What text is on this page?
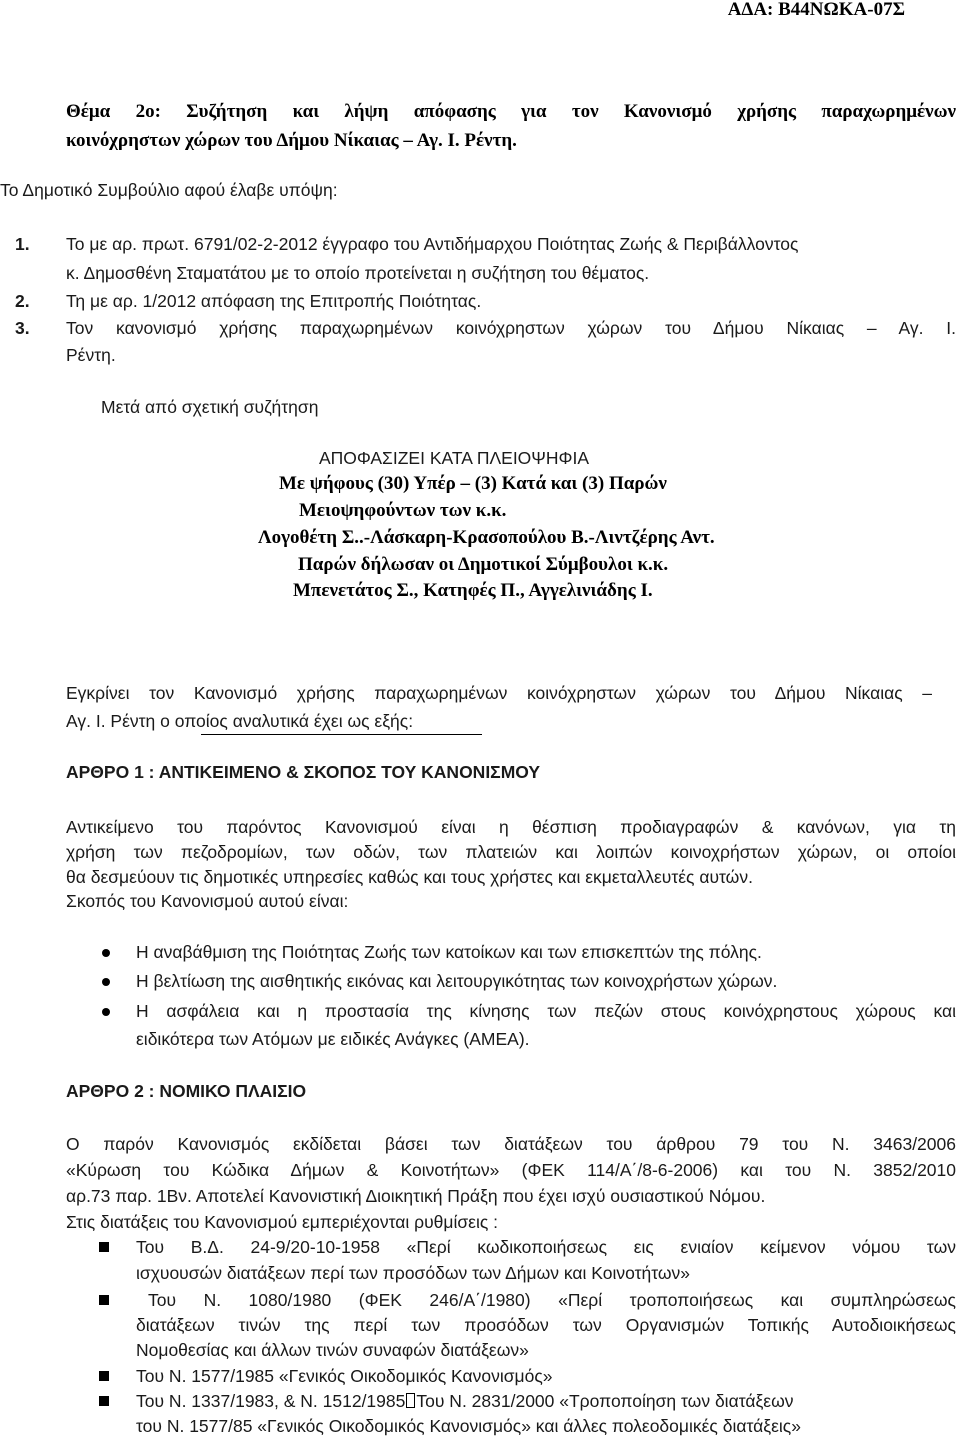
ΑΔΑ: Β44ΝΩΚΑ-07Σ
Θέμα 2ο: Συζήτηση και λήψη απόφασης για τον Κανονισμό χρήσης παραχωρημένων
κοινόχρηστων χώρων του Δήμου Νίκαιας – Αγ. Ι. Ρέντη.
Το Δημοτικό Συμβούλιο αφού έλαβε υπόψη:
1. Το με αρ. πρωτ. 6791/02-2-2012 έγγραφο του Αντιδήμαρχου Ποιότητας Ζωής & Περιβάλλοντος
κ. Δημοσθένη Σταματάτου με το οποίο προτείνεται η συζήτηση του θέματος.
2. Τη με αρ. 1/2012 απόφαση της Επιτροπής Ποιότητας.
3. Τον κανονισμό χρήσης παραχωρημένων κοινόχρηστων χώρων του Δήμου Νίκαιας – Αγ. Ι.
Ρέντη.
Μετά από σχετική συζήτηση
ΑΠΟΦΑΣΙΖΕΙ ΚΑΤΑ ΠΛΕΙΟΨΗΦΙΑ
Με ψήφους (30) Υπέρ – (3) Κατά και (3) Παρών
Μειοψηφούντων των κ.κ.
Λογοθέτη Σ..-Λάσκαρη-Κρασοπούλου Β.-Λιντζέρης Αντ.
Παρών δήλωσαν οι Δημοτικοί Σύμβουλοι κ.κ.
Μπενετάτος Σ., Κατηφές Π., Αγγελινιάδης Ι.
Εγκρίνει τον Κανονισμό χρήσης παραχωρημένων κοινόχρηστων χώρων του Δήμου Νίκαιας –
Αγ. Ι. Ρέντη ο οποίος αναλυτικά έχει ως εξής:
ΑΡΘΡΟ 1 : ΑΝΤΙΚΕΙΜΕΝΟ & ΣΚΟΠΟΣ ΤΟΥ ΚΑΝΟΝΙΣΜΟΥ
Αντικείμενο του παρόντος Κανονισμού είναι η θέσπιση προδιαγραφών & κανόνων, για τη
χρήση των πεζοδρομίων, των οδών, των πλατειών και λοιπών κοινοχρήστων χώρων, οι οποίοι
θα δεσμεύουν τις δημοτικές υπηρεσίες καθώς και τους χρήστες και εκμεταλλευτές αυτών.
Σκοπός του Κανονισμού αυτού είναι:
Η αναβάθμιση της Ποιότητας Ζωής των κατοίκων και των επισκεπτών της πόλης.
Η βελτίωση της αισθητικής εικόνας και λειτουργικότητας των κοινοχρήστων χώρων.
Η ασφάλεια και η προστασία της κίνησης των πεζών στους κοινόχρηστους χώρους και
ειδικότερα των Ατόμων με ειδικές Ανάγκες (ΑΜΕΑ).
ΑΡΘΡΟ 2 : ΝΟΜΙΚΟ ΠΛΑΙΣΙΟ
Ο παρόν Κανονισμός εκδίδεται βάσει των διατάξεων του άρθρου 79 του Ν. 3463/2006
«Κύρωση του Κώδικα Δήμων & Κοινοτήτων» (ΦΕΚ 114/Α΄/8-6-2006) και του Ν. 3852/2010
αρ.73 παρ. 1Βν. Αποτελεί Κανονιστική Διοικητική Πράξη που έχει ισχύ ουσιαστικού Νόμου.
Στις διατάξεις του Κανονισμού εμπεριέχονται ρυθμίσεις :
Του Β.Δ. 24-9/20-10-1958 «Περί κωδικοποιήσεως εις ενιαίον κείμενον νόμου των
ισχυουσών διατάξεων περί των προσόδων των Δήμων και Κοινοτήτων»
Του Ν. 1080/1980 (ΦΕΚ 246/Α΄/1980) «Περί τροποποιήσεως και συμπληρώσεως
διατάξεων τινών της περί των προσόδων των Οργανισμών Τοπικής Αυτοδιοικήσεως
Νομοθεσίας και άλλων τινών συναφών διατάξεων»
Του Ν. 1577/1985 «Γενικός Οικοδομικός Κανονισμός»
Του Ν. 1337/1983, & Ν. 1512/1985 Του Ν. 2831/2000 «Τροποποίηση των διατάξεων
του Ν. 1577/85 «Γενικός Οικοδομικός Κανονισμός» και άλλες πολεοδομικές διατάξεις»
